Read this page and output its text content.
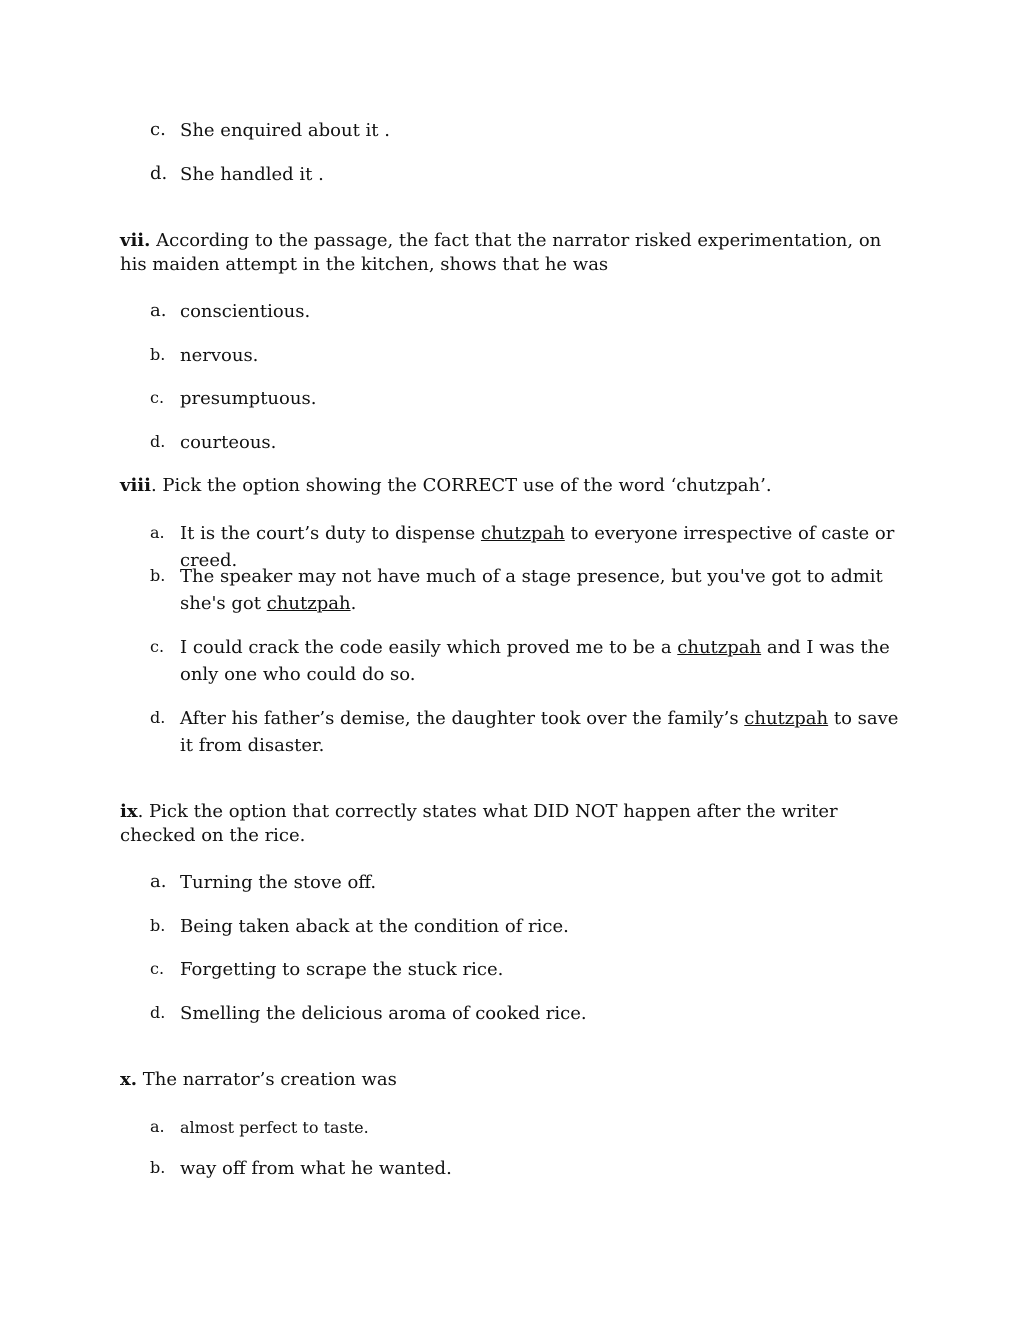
c. She enquired about it .
d. She handled it .
vii. According to the passage, the fact that the narrator risked experimentation, on his maiden attempt in the kitchen, shows that he was
a. conscientious.
b. nervous.
c. presumptuous.
d. courteous.
viii. Pick the option showing the CORRECT use of the word ‘chutzpah’.
a. It is the court’s duty to dispense chutzpah to everyone irrespective of caste or creed.
b. The speaker may not have much of a stage presence, but you've got to admit she's got chutzpah.
c. I could crack the code easily which proved me to be a chutzpah and I was the only one who could do so.
d. After his father’s demise, the daughter took over the family’s chutzpah to save it from disaster.
ix. Pick the option that correctly states what DID NOT happen after the writer checked on the rice.
a. Turning the stove off.
b. Being taken aback at the condition of rice.
c. Forgetting to scrape the stuck rice.
d. Smelling the delicious aroma of cooked rice.
x. The narrator’s creation was
a. almost perfect to taste.
b. way off from what he wanted.
